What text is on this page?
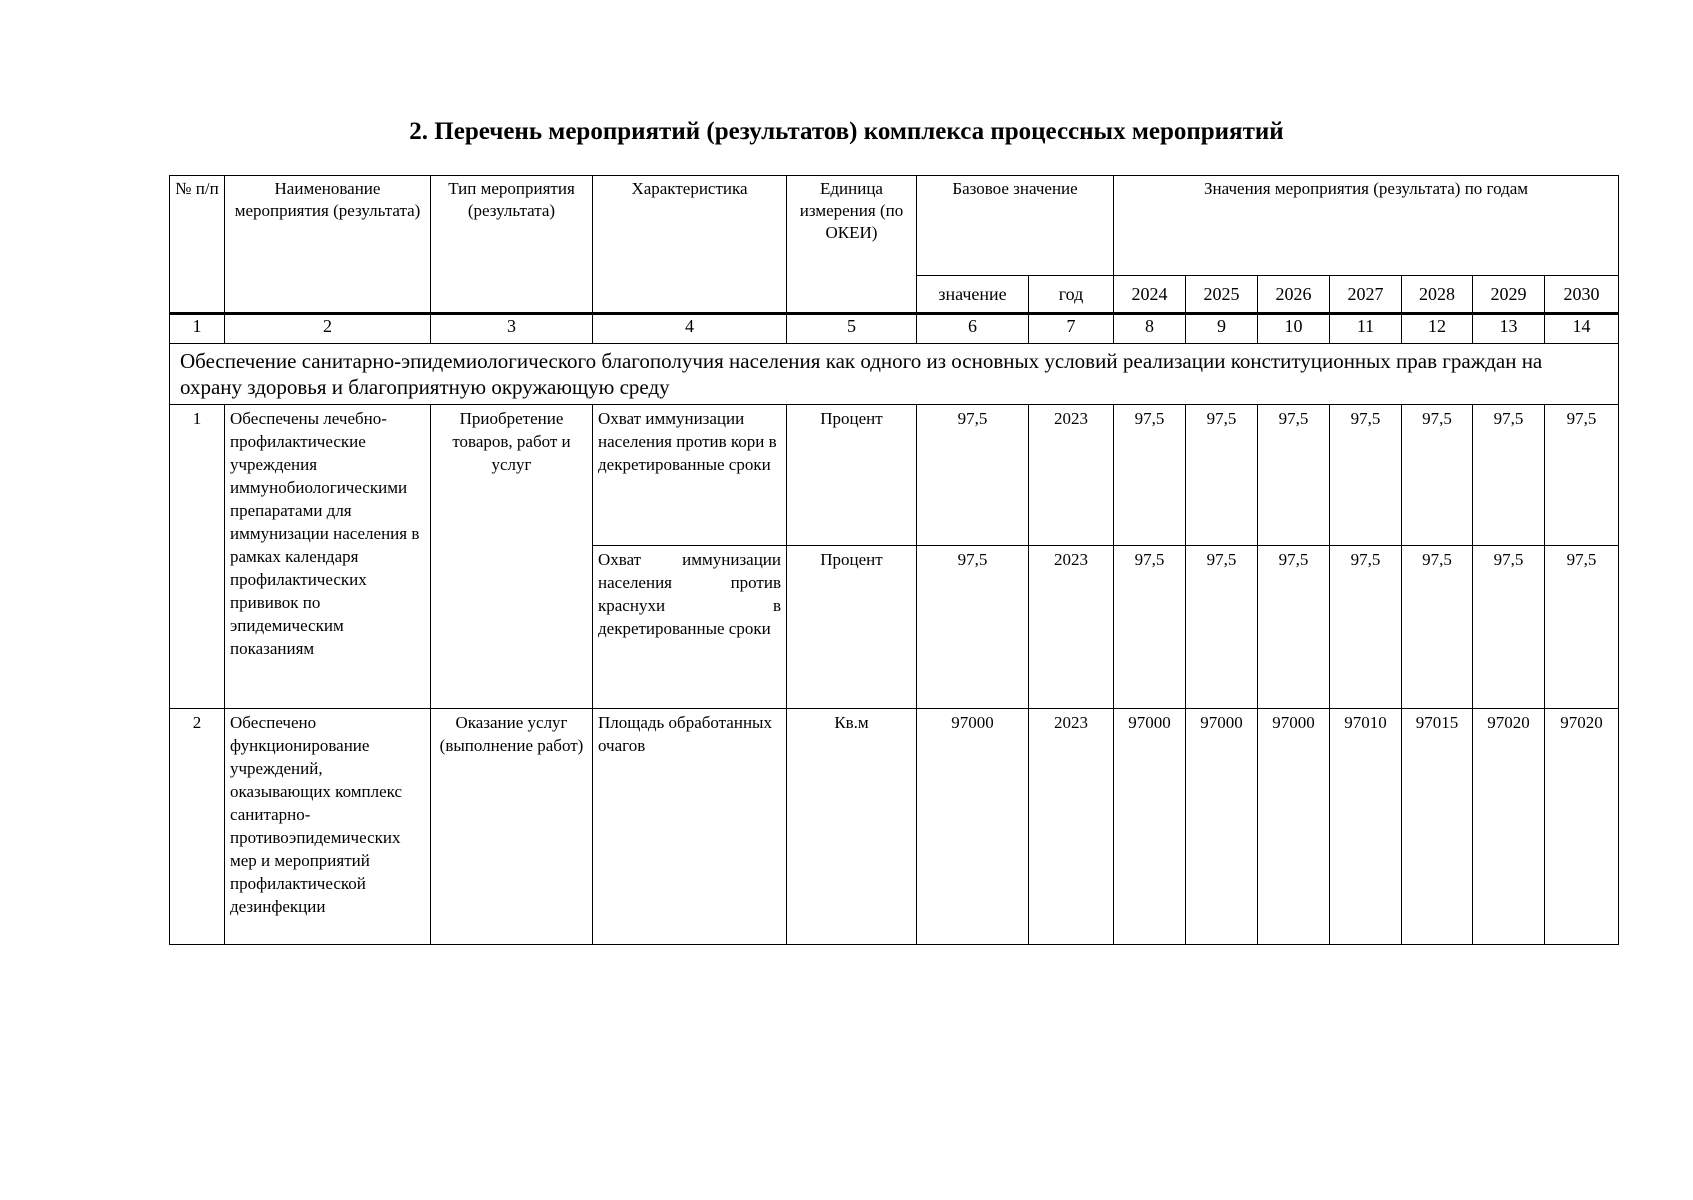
2. Перечень мероприятий (результатов) комплекса процессных мероприятий
№ п/п	Наименование мероприятия (результата)	Тип мероприятия (результата)	Характеристика	Единица измерения (по ОКЕИ)	Базовое значение		Значения мероприятия (результата) по годам						
					значение	год	2024	2025	2026	2027	2028	2029	2030
1	2	3	4	5	6	7	8	9	10	11	12	13	14
Обеспечение санитарно-эпидемиологического благополучия населения как одного из основных условий реализации конституционных прав граждан на охрану здоровья и благоприятную окружающую среду													
1	Обеспечены лечебно-профилактические учреждения иммунобиологическими препаратами для иммунизации населения в рамках календаря профилактических прививок по эпидемическим показаниям	Приобретение товаров, работ и услуг	Охват иммунизации населения против кори в декретированные сроки	Процент	97,5	2023	97,5	97,5	97,5	97,5	97,5	97,5	97,5
			Охват иммунизации населения против краснухи в декретированные сроки	Процент	97,5	2023	97,5	97,5	97,5	97,5	97,5	97,5	97,5
2	Обеспечено функционирование учреждений, оказывающих комплекс санитарно-противоэпидемических мер и мероприятий профилактической дезинфекции	Оказание услуг (выполнение работ)	Площадь обработанных очагов	Кв.м	97000	2023	97000	97000	97000	97010	97015	97020	97020
